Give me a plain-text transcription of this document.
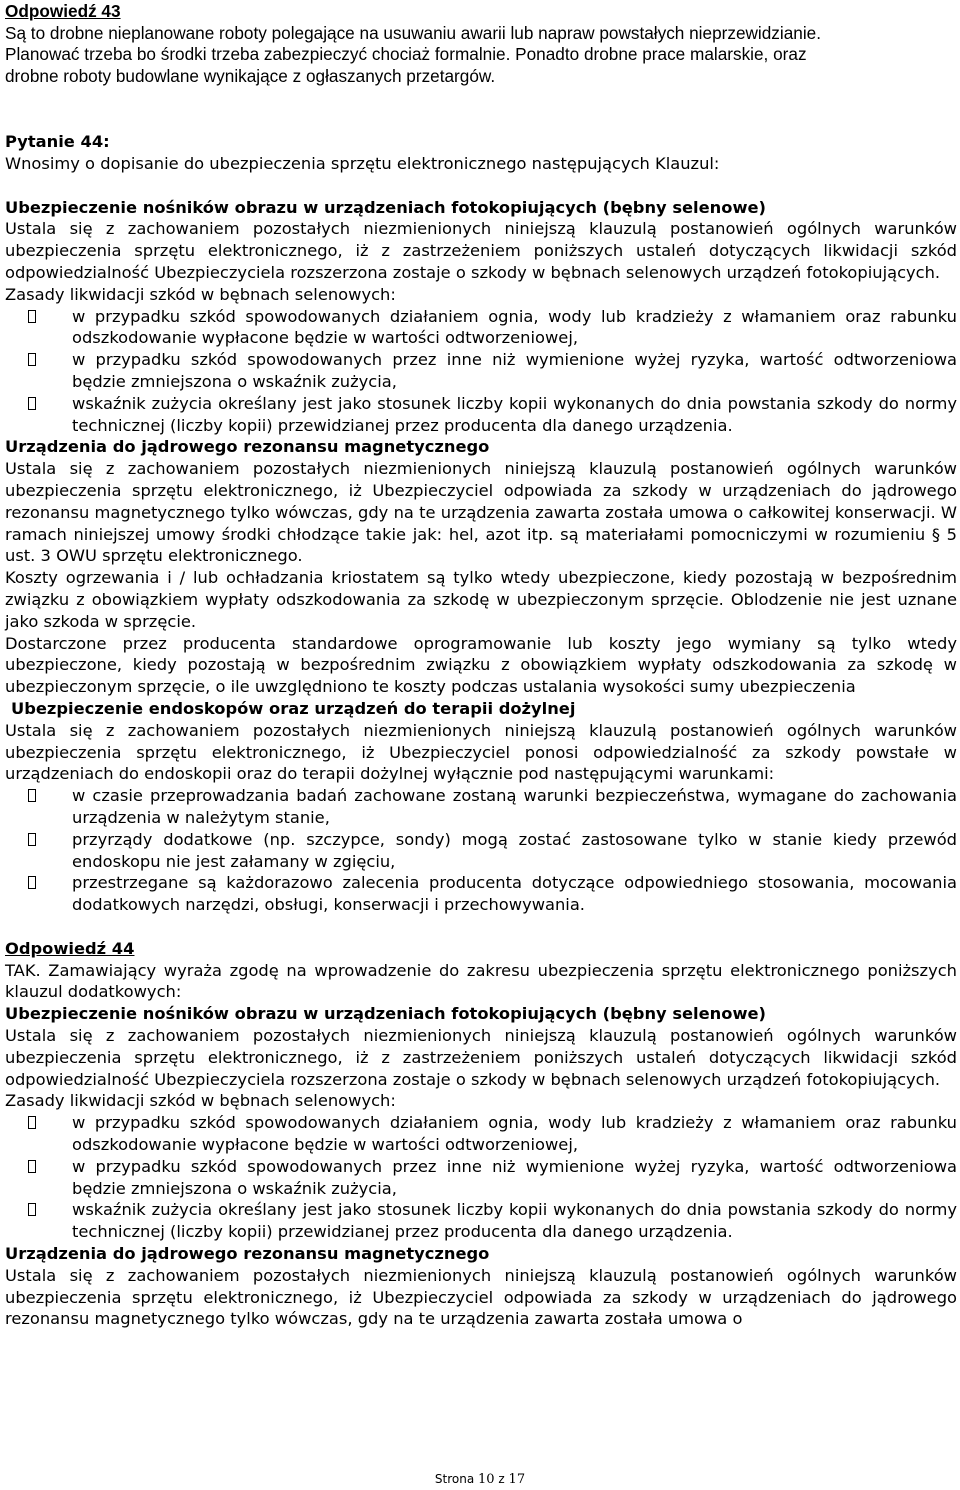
Odpowiedź 43

Są to drobne nieplanowane roboty polegające na usuwaniu awarii lub napraw powstałych nieprzewidzianie.

Planować trzeba bo środki trzeba zabezpieczyć chociaż formalnie. Ponadto drobne prace malarskie, oraz

drobne roboty budowlane wynikające z ogłaszanych przetargów.

Pytanie 44:

Wnosimy o dopisanie do ubezpieczenia sprzętu elektronicznego następujących Klauzul:

Ubezpieczenie nośników obrazu w urządzeniach fotokopiujących (bębny selenowe)

Ustala się z zachowaniem pozostałych niezmienionych niniejszą klauzulą postanowień ogólnych warunków ubezpieczenia sprzętu elektronicznego, iż z zastrzeżeniem poniższych ustaleń dotyczących likwidacji szkód odpowiedzialność Ubezpieczyciela rozszerzona zostaje o szkody w bębnach selenowych urządzeń fotokopiujących.

Zasady likwidacji szkód w bębnach selenowych:

w przypadku szkód spowodowanych działaniem ognia, wody lub kradzieży z włamaniem oraz rabunku odszkodowanie wypłacone będzie w wartości odtworzeniowej,
w przypadku szkód spowodowanych przez inne niż wymienione wyżej ryzyka, wartość odtworzeniowa będzie zmniejszona o wskaźnik zużycia,
wskaźnik zużycia określany jest jako stosunek liczby kopii wykonanych do dnia powstania szkody do normy technicznej (liczby kopii) przewidzianej przez producenta dla danego urządzenia.

Urządzenia do jądrowego rezonansu magnetycznego

Ustala się z zachowaniem pozostałych niezmienionych niniejszą klauzulą postanowień ogólnych warunków ubezpieczenia sprzętu elektronicznego, iż Ubezpieczyciel odpowiada za szkody w urządzeniach do jądrowego rezonansu magnetycznego tylko wówczas, gdy na te urządzenia zawarta została umowa o całkowitej konserwacji. W ramach niniejszej umowy środki chłodzące takie jak: hel, azot itp. są materiałami pomocniczymi w rozumieniu § 5 ust. 3 OWU sprzętu elektronicznego.

Koszty ogrzewania i / lub ochładzania kriostatem są tylko wtedy ubezpieczone, kiedy pozostają w bezpośrednim związku z obowiązkiem wypłaty odszkodowania za szkodę w ubezpieczonym sprzęcie. Oblodzenie nie jest uznane jako szkoda w sprzęcie.

Dostarczone przez producenta standardowe oprogramowanie lub koszty jego wymiany są tylko wtedy ubezpieczone, kiedy pozostają w bezpośrednim związku z obowiązkiem wypłaty odszkodowania za szkodę w ubezpieczonym sprzęcie, o ile uwzględniono te koszty podczas ustalania wysokości sumy ubezpieczenia

Ubezpieczenie endoskopów oraz urządzeń do terapii dożylnej

Ustala się z zachowaniem pozostałych niezmienionych niniejszą klauzulą postanowień ogólnych warunków ubezpieczenia sprzętu elektronicznego, iż Ubezpieczyciel ponosi odpowiedzialność za szkody powstałe w urządzeniach do endoskopii oraz do terapii dożylnej wyłącznie pod następującymi warunkami:

w czasie przeprowadzania badań zachowane zostaną warunki bezpieczeństwa, wymagane do zachowania urządzenia w należytym stanie,
przyrządy dodatkowe (np. szczypce, sondy) mogą zostać zastosowane tylko w stanie kiedy przewód endoskopu nie jest załamany w zgięciu,
przestrzegane są każdorazowo zalecenia producenta dotyczące odpowiedniego stosowania, mocowania dodatkowych narzędzi, obsługi, konserwacji i przechowywania.

Odpowiedź 44

TAK. Zamawiający wyraża zgodę na wprowadzenie do zakresu ubezpieczenia sprzętu elektronicznego poniższych klauzul dodatkowych:

Ubezpieczenie nośników obrazu w urządzeniach fotokopiujących (bębny selenowe)

Ustala się z zachowaniem pozostałych niezmienionych niniejszą klauzulą postanowień ogólnych warunków ubezpieczenia sprzętu elektronicznego, iż z zastrzeżeniem poniższych ustaleń dotyczących likwidacji szkód odpowiedzialność Ubezpieczyciela rozszerzona zostaje o szkody w bębnach selenowych urządzeń fotokopiujących.

Zasady likwidacji szkód w bębnach selenowych:

w przypadku szkód spowodowanych działaniem ognia, wody lub kradzieży z włamaniem oraz rabunku odszkodowanie wypłacone będzie w wartości odtworzeniowej,
w przypadku szkód spowodowanych przez inne niż wymienione wyżej ryzyka, wartość odtworzeniowa będzie zmniejszona o wskaźnik zużycia,
wskaźnik zużycia określany jest jako stosunek liczby kopii wykonanych do dnia powstania szkody do normy technicznej (liczby kopii) przewidzianej przez producenta dla danego urządzenia.

Urządzenia do jądrowego rezonansu magnetycznego

Ustala się z zachowaniem pozostałych niezmienionych niniejszą klauzulą postanowień ogólnych warunków ubezpieczenia sprzętu elektronicznego, iż Ubezpieczyciel odpowiada za szkody w urządzeniach do jądrowego rezonansu magnetycznego tylko wówczas, gdy na te urządzenia zawarta została umowa o

Strona 10 z 17
